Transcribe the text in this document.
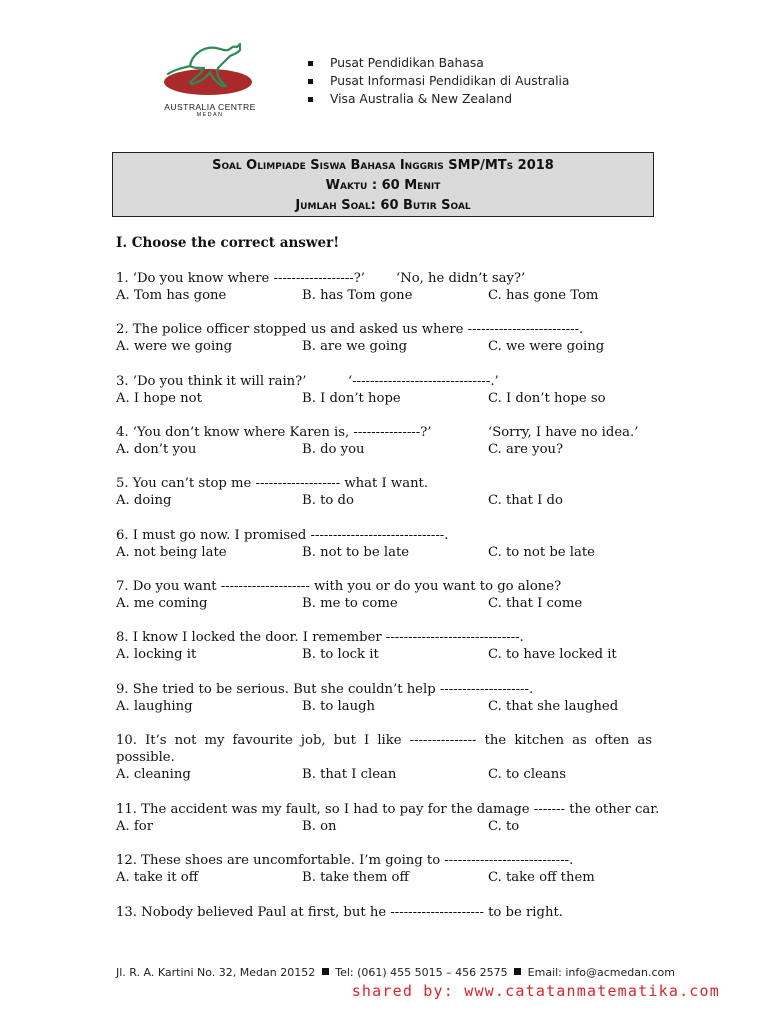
AUSTRALIA CENTRE
MEDAN
Pusat Pendidikan Bahasa
Pusat Informasi Pendidikan di Australia
Visa Australia & New Zealand
Soal Olimpiade Siswa Bahasa Inggris SMP/MTs 2018
Waktu : 60 Menit
Jumlah Soal: 60 Butir Soal
I. Choose the correct answer!
1. ‘Do you know where ------------------?’ ‘No, he didn’t say?’
A. Tom has gone	B. has Tom gone	C. has gone Tom
2. The police officer stopped us and asked us where -------------------------.
A. were we going	B. are we going	C. we were going
3. ‘Do you think it will rain?’	‘-------------------------------.’
A. I hope not	B. I don’t hope	C. I don’t hope so
4. ‘You don’t know where Karen is, ---------------?’	‘Sorry, I have no idea.’
A. don’t you	B. do you	C. are you?
5. You can’t stop me ------------------- what I want.
A. doing	B. to do	C. that I do
6. I must go now. I promised ------------------------------.
A. not being late	B. not to be late	C. to not be late
7. Do you want -------------------- with you or do you want to go alone?
A. me coming	B. me to come	C. that I come
8. I know I locked the door. I remember ------------------------------.
A. locking it	B. to lock it	C. to have locked it
9. She tried to be serious. But she couldn’t help --------------------.
A. laughing	B. to laugh	C. that she laughed
10. It’s not my favourite job, but I like --------------- the kitchen as often as possible.
A. cleaning	B. that I clean	C. to cleans
11. The accident was my fault, so I had to pay for the damage ------- the other car.
A. for	B. on	C. to
12. These shoes are uncomfortable. I’m going to ----------------------------.
A. take it off	B. take them off	C. take off them
13. Nobody believed Paul at first, but he --------------------- to be right.
Jl. R. A. Kartini No. 32, Medan 20152 Tel: (061) 455 5015 – 456 2575 Email: info@acmedan.com
shared by: www.catatanmatematika.com
